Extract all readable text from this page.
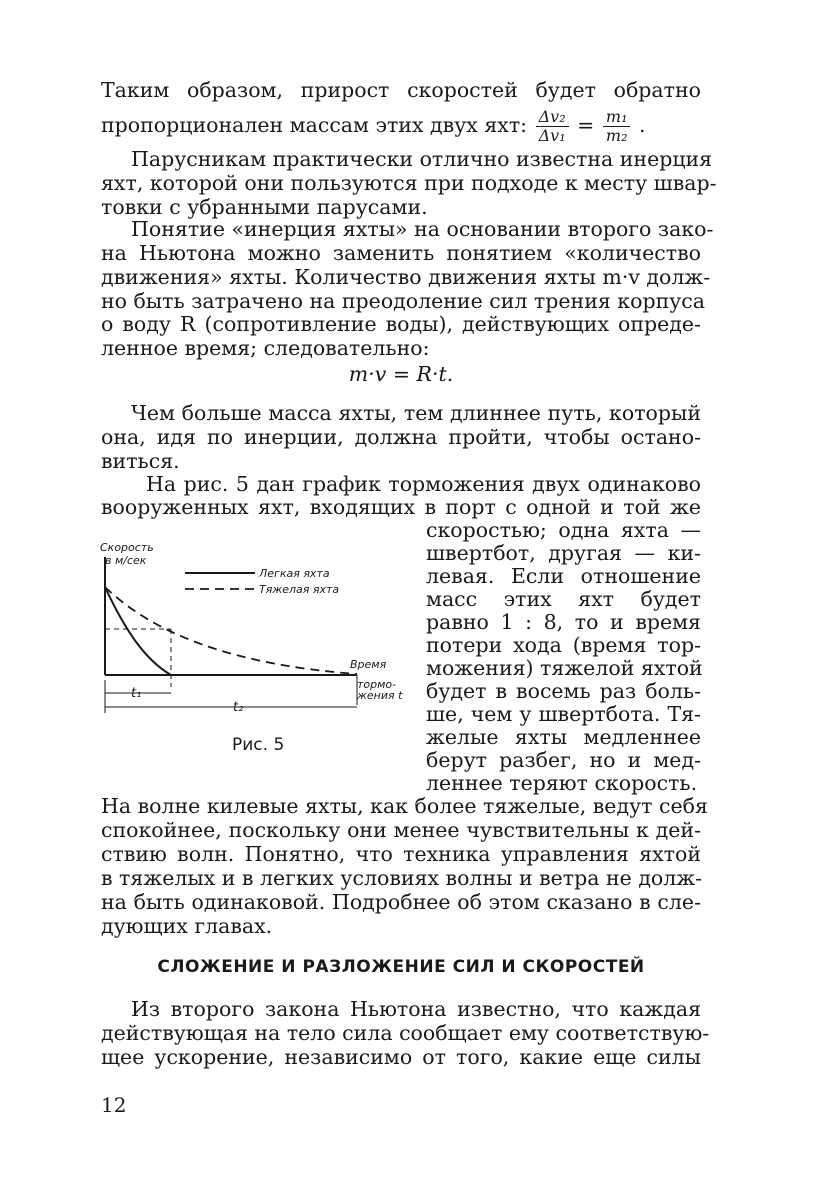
Таким образом, прирост скоростей будет обратно
пропорционален массам этих двух яхт: $\frac{\text{Δv₂}}{\text{Δv₁}} = \frac{\text{m₁}}{\text{m₂}}$ .
Парусникам практически отлично известна инерция
яхт, которой они пользуются при подходе к месту швар-
товки с убранными парусами.
Понятие «инерция яхты» на основании второго зако-
на Ньютона можно заменить понятием «количество
движения» яхты. Количество движения яхты m·v долж-
но быть затрачено на преодоление сил трения корпуса
о воду R (сопротивление воды), действующих опреде-
ленное время; следовательно:
m·v = R·t.
Чем больше масса яхты, тем длиннее путь, который
она, идя по инерции, должна пройти, чтобы остано-
виться.
На рис. 5 дан график торможения двух одинаково
вооруженных яхт, входящих в порт с одной и той же
скоростью; одна яхта —
швертбот, другая — ки-
левая. Если отношение
масс этих яхт будет
равно 1 : 8, то и время
потери хода (время тор-
можения) тяжелой яхтой
будет в восемь раз боль-
ше, чем у швертбота. Тя-
желые яхты медленнее
берут разбег, но и мед-
леннее теряют скорость.
Скорость
в м/сек
Легкая яхта
Тяжелая яхта
Время
тормо-
жения t
t₁
t₂
Рис. 5
На волне килевые яхты, как более тяжелые, ведут себя
спокойнее, поскольку они менее чувствительны к дей-
ствию волн. Понятно, что техника управления яхтой
в тяжелых и в легких условиях волны и ветра не долж-
на быть одинаковой. Подробнее об этом сказано в сле-
дующих главах.
СЛОЖЕНИЕ И РАЗЛОЖЕНИЕ СИЛ И СКОРОСТЕЙ
Из второго закона Ньютона известно, что каждая
действующая на тело сила сообщает ему соответствую-
щее ускорение, независимо от того, какие еще силы
12
